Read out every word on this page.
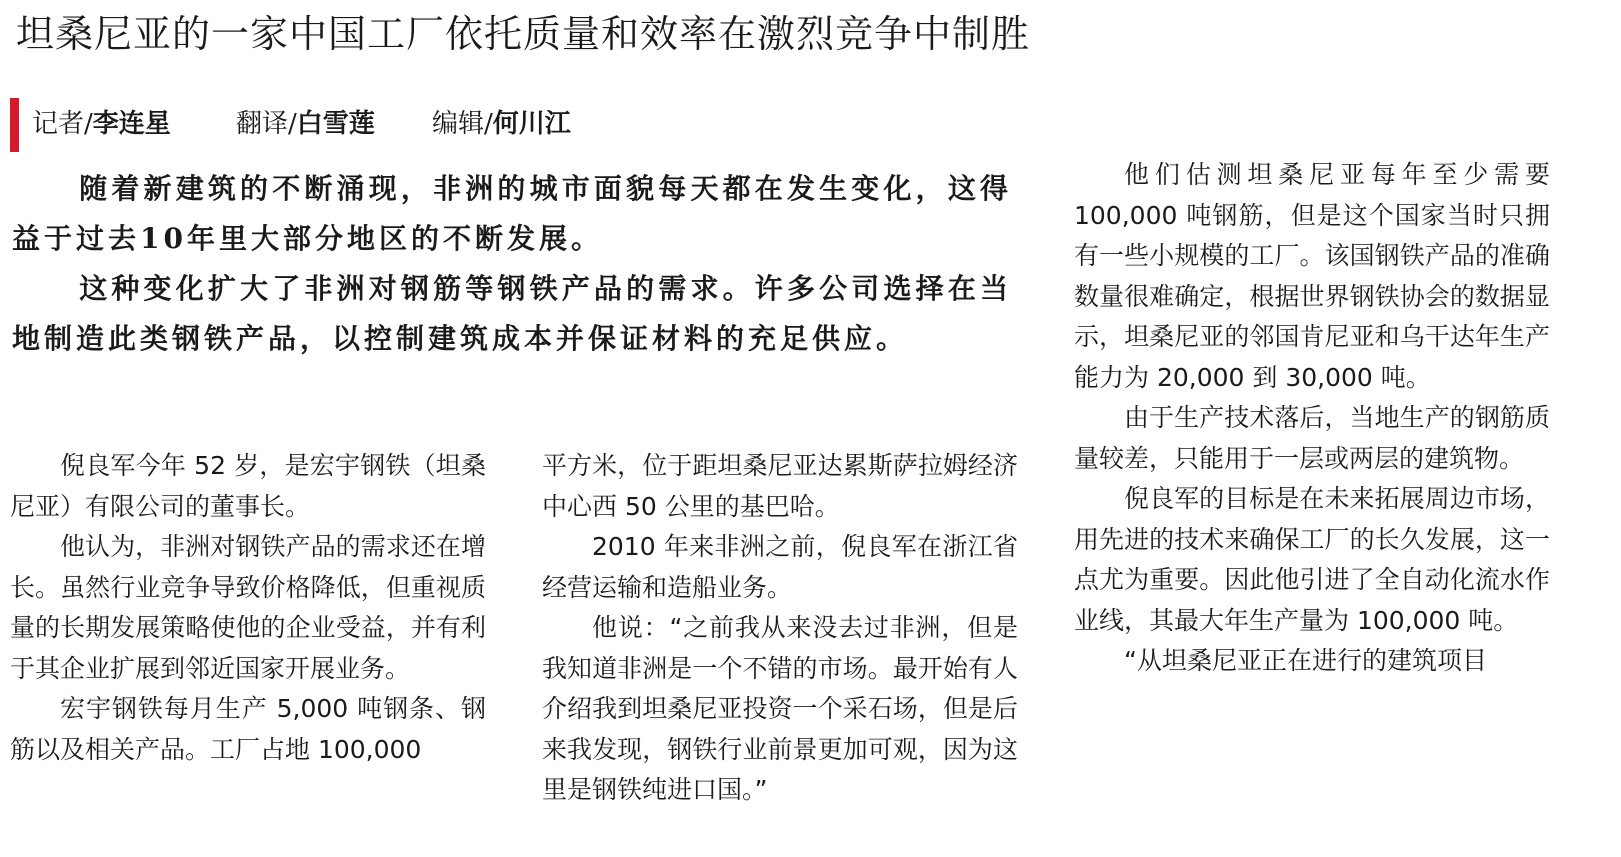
坦桑尼亚的一家中国工厂依托质量和效率在激烈竞争中制胜
记者/李连星	翻译/白雪莲 编辑/何川江

随着新建筑的不断涌现，非洲的城市面貌每天都在发生变化，这得益于过去10年里大部分地区的不断发展。

这种变化扩大了非洲对钢筋等钢铁产品的需求。许多公司选择在当地制造此类钢铁产品，以控制建筑成本并保证材料的充足供应。

倪良军今年 52 岁，是宏宇钢铁（坦桑尼亚）有限公司的董事长。

他认为，非洲对钢铁产品的需求还在增长。虽然行业竞争导致价格降低，但重视质量的长期发展策略使他的企业受益，并有利于其企业扩展到邻近国家开展业务。

宏宇钢铁每月生产 5,000 吨钢条、钢筋以及相关产品。工厂占地 100,000

平方米，位于距坦桑尼亚达累斯萨拉姆经济中心西 50 公里的基巴哈。

2010 年来非洲之前，倪良军在浙江省经营运输和造船业务。

他说：“之前我从来没去过非洲，但是我知道非洲是一个不错的市场。最开始有人介绍我到坦桑尼亚投资一个采石场，但是后来我发现，钢铁行业前景更加可观，因为这里是钢铁纯进口国。”

他们估测坦桑尼亚每年至少需要 100,000 吨钢筋，但是这个国家当时只拥有一些小规模的工厂。该国钢铁产品的准确数量很难确定，根据世界钢铁协会的数据显示，坦桑尼亚的邻国肯尼亚和乌干达年生产能力为 20,000 到 30,000 吨。

由于生产技术落后，当地生产的钢筋质量较差，只能用于一层或两层的建筑物。

倪良军的目标是在未来拓展周边市场，用先进的技术来确保工厂的长久发展，这一点尤为重要。因此他引进了全自动化流水作业线，其最大年生产量为 100,000 吨。

“从坦桑尼亚正在进行的建筑项目
